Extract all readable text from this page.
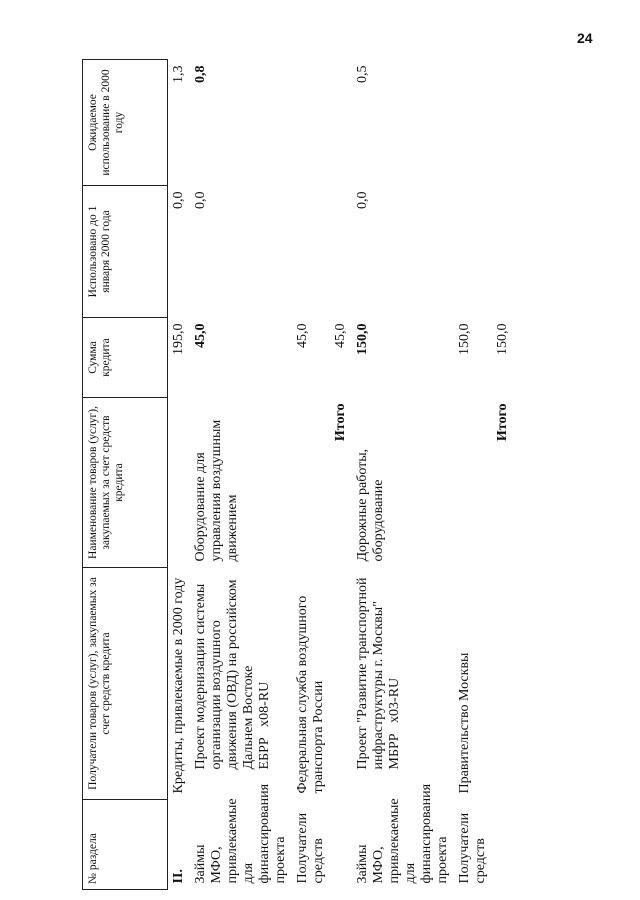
24
№ раздела	Получатели товаров (услуг), закупаемых за счет средств кредита	Наименование товаров (услуг), закупаемых за счет средств кредита	Сумма кредита	Использовано до 1 января 2000 года	Ожидаемое использование в 2000 году
II.	Кредиты, привлекаемые в 2000 году		195,0	0,0	1,3
Займы МФО, привлекаемые для финансирования проекта	Проект модернизации системы организации воздушного движения (ОВД) на российском Дальнем Востоке ЕБРР   x08-RU	Оборудование для управления воздушным движением	45,0	0,0	0,8
Получатели средств	Федеральная служба воздушного транспорта России		45,0		
		Итого	45,0		
Займы МФО, привлекаемые для финансирования проекта	Проект "Развитие транспортной инфраструктуры г. Москвы" МБРР   x03-RU	Дорожные работы, оборудование	150,0	0,0	0,5
Получатели средств	Правительство Москвы		150,0		
		Итого	150,0		
